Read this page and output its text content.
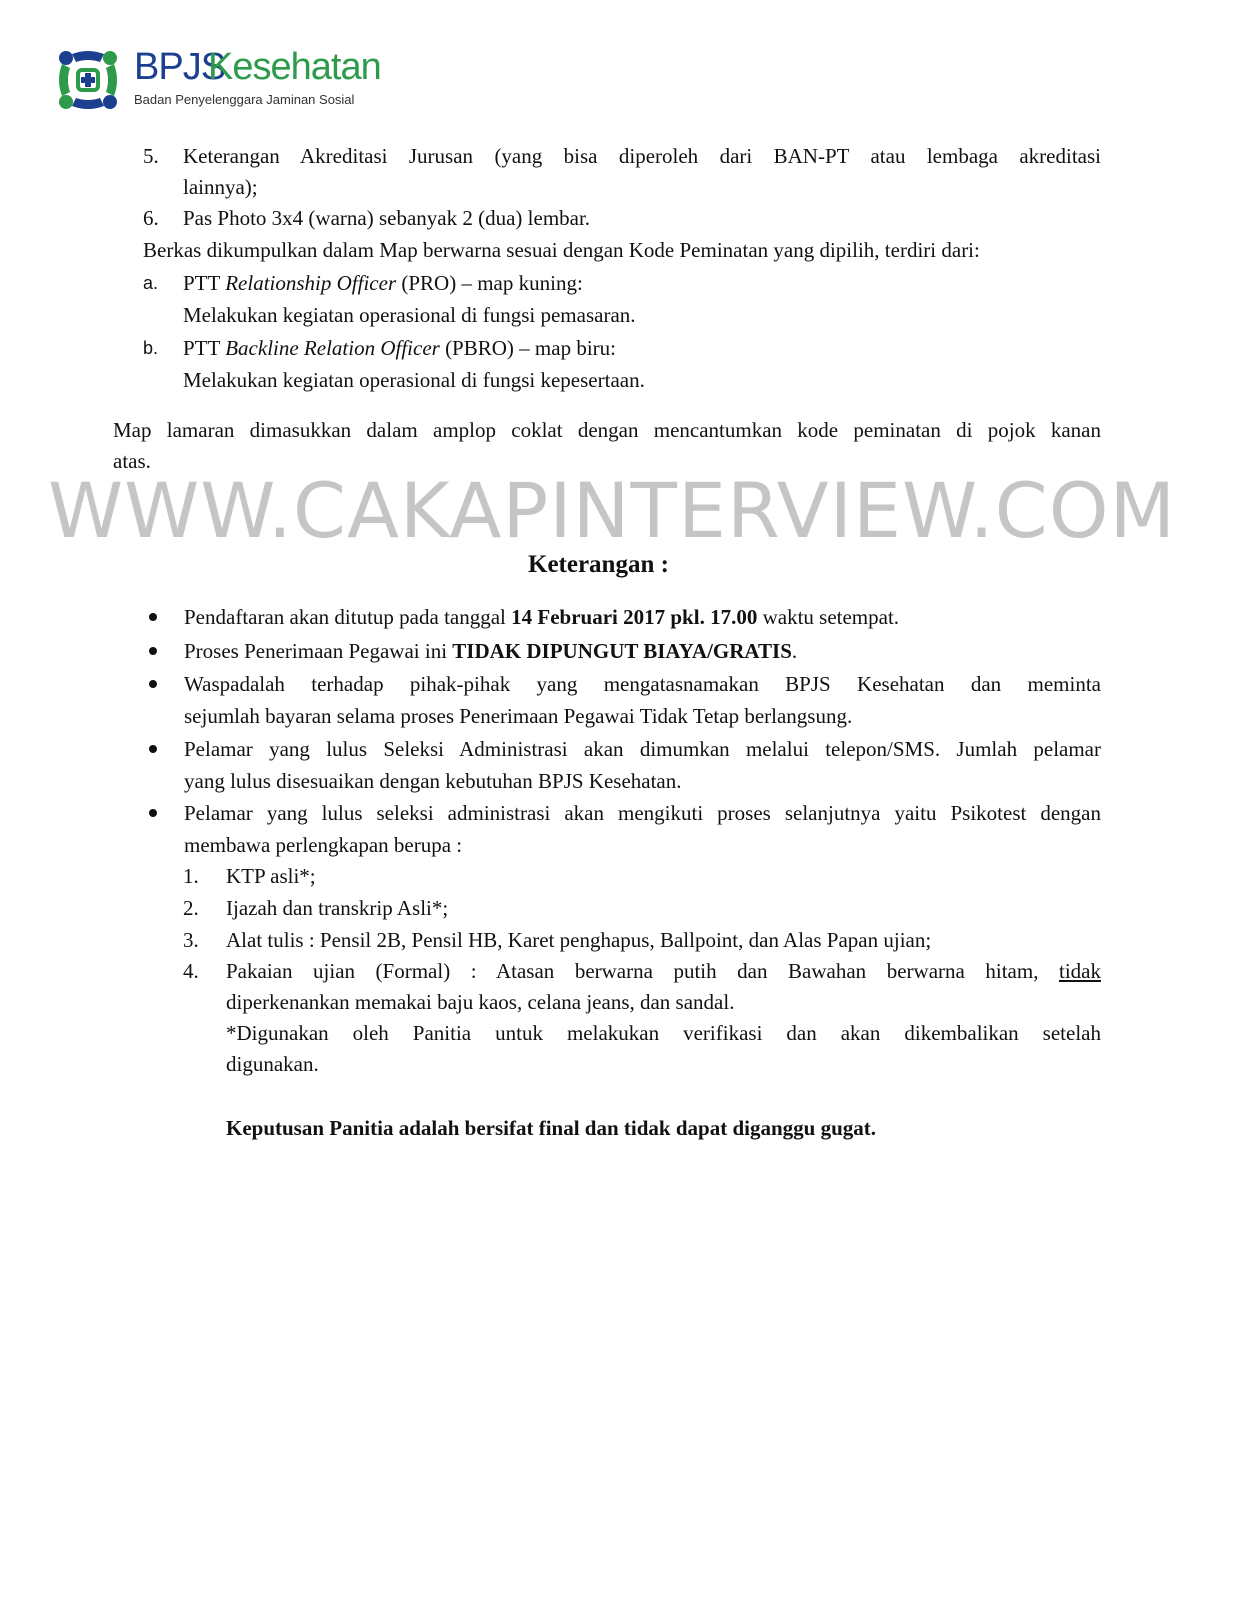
BPJS
Kesehatan
Badan Penyelenggara Jaminan Sosial
5. Keterangan Akreditasi Jurusan (yang bisa diperoleh dari BAN-PT atau lembaga akreditasi
lainnya);
6. Pas Photo 3x4 (warna) sebanyak 2 (dua) lembar.
Berkas dikumpulkan dalam Map berwarna sesuai dengan Kode Peminatan yang dipilih, terdiri dari:
a. PTT Relationship Officer (PRO) – map kuning:
Melakukan kegiatan operasional di fungsi pemasaran.
b. PTT Backline Relation Officer (PBRO) – map biru:
Melakukan kegiatan operasional di fungsi kepesertaan.
Map lamaran dimasukkan dalam amplop coklat dengan mencantumkan kode peminatan di pojok kanan
atas.
WWW.CAKAPINTERVIEW.COM
Keterangan :
Pendaftaran akan ditutup pada tanggal 14 Februari 2017 pkl. 17.00 waktu setempat.
Proses Penerimaan Pegawai ini TIDAK DIPUNGUT BIAYA/GRATIS.
Waspadalah terhadap pihak-pihak yang mengatasnamakan BPJS Kesehatan dan meminta
sejumlah bayaran selama proses Penerimaan Pegawai Tidak Tetap berlangsung.
Pelamar yang lulus Seleksi Administrasi akan dimumkan melalui telepon/SMS. Jumlah pelamar
yang lulus disesuaikan dengan kebutuhan BPJS Kesehatan.
Pelamar yang lulus seleksi administrasi akan mengikuti proses selanjutnya yaitu Psikotest dengan
membawa perlengkapan berupa :
1. KTP asli*;
2. Ijazah dan transkrip Asli*;
3. Alat tulis : Pensil 2B, Pensil HB, Karet penghapus, Ballpoint, dan Alas Papan ujian;
4. Pakaian ujian (Formal) : Atasan berwarna putih dan Bawahan berwarna hitam, tidak
diperkenankan memakai baju kaos, celana jeans, dan sandal.
*Digunakan oleh Panitia untuk melakukan verifikasi dan akan dikembalikan setelah
digunakan.
Keputusan Panitia adalah bersifat final dan tidak dapat diganggu gugat.
